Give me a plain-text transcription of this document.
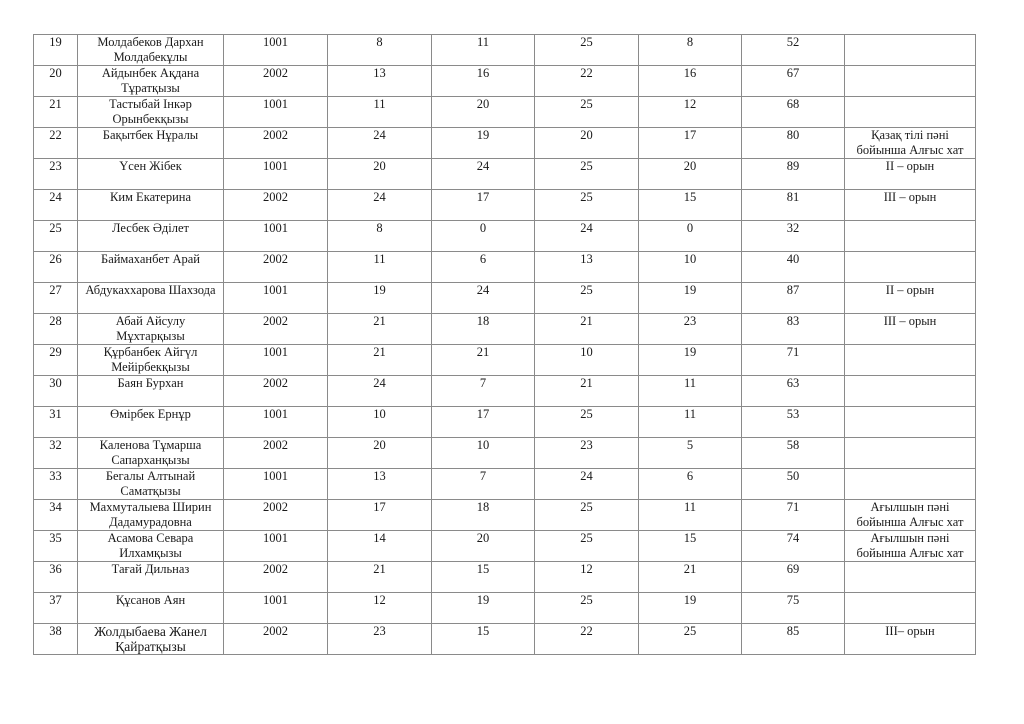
19	Молдабеков Дархан Молдабекұлы	1001	8	11	25	8	52	
20	Айдынбек Ақдана Тұратқызы	2002	13	16	22	16	67	
21	Тастыбай Інкәр Орынбекқызы	1001	11	20	25	12	68	
22	Бақытбек Нұралы	2002	24	19	20	17	80	Қазақ тілі пәні бойынша Алғыс хат
23	Үсен Жібек	1001	20	24	25	20	89	ІІ – орын
24	Ким Екатерина	2002	24	17	25	15	81	ІІІ – орын
25	Лесбек Әділет	1001	8	0	24	0	32	
26	Баймаханбет Арай	2002	11	6	13	10	40	
27	Абдукаххарова Шахзода	1001	19	24	25	19	87	ІІ – орын
28	Абай Айсулу Мұхтарқызы	2002	21	18	21	23	83	ІІІ – орын
29	Құрбанбек Айгүл Мейірбекқызы	1001	21	21	10	19	71	
30	Баян Бурхан	2002	24	7	21	11	63	
31	Өмірбек Ернұр	1001	10	17	25	11	53	
32	Каленова Тұмарша Сапарханқызы	2002	20	10	23	5	58	
33	Бегалы Алтынай Саматқызы	1001	13	7	24	6	50	
34	Махмуталыева Ширин Дадамурадовна	2002	17	18	25	11	71	Ағылшын пәні бойынша Алғыс хат
35	Асамова Севара Илхамқызы	1001	14	20	25	15	74	Ағылшын пәні бойынша Алғыс хат
36	Тағай Дильназ	2002	21	15	12	21	69	
37	Құсанов Аян	1001	12	19	25	19	75	
38	Жолдыбаева Жанел Қайратқызы	2002	23	15	22	25	85	ІІІ– орын
